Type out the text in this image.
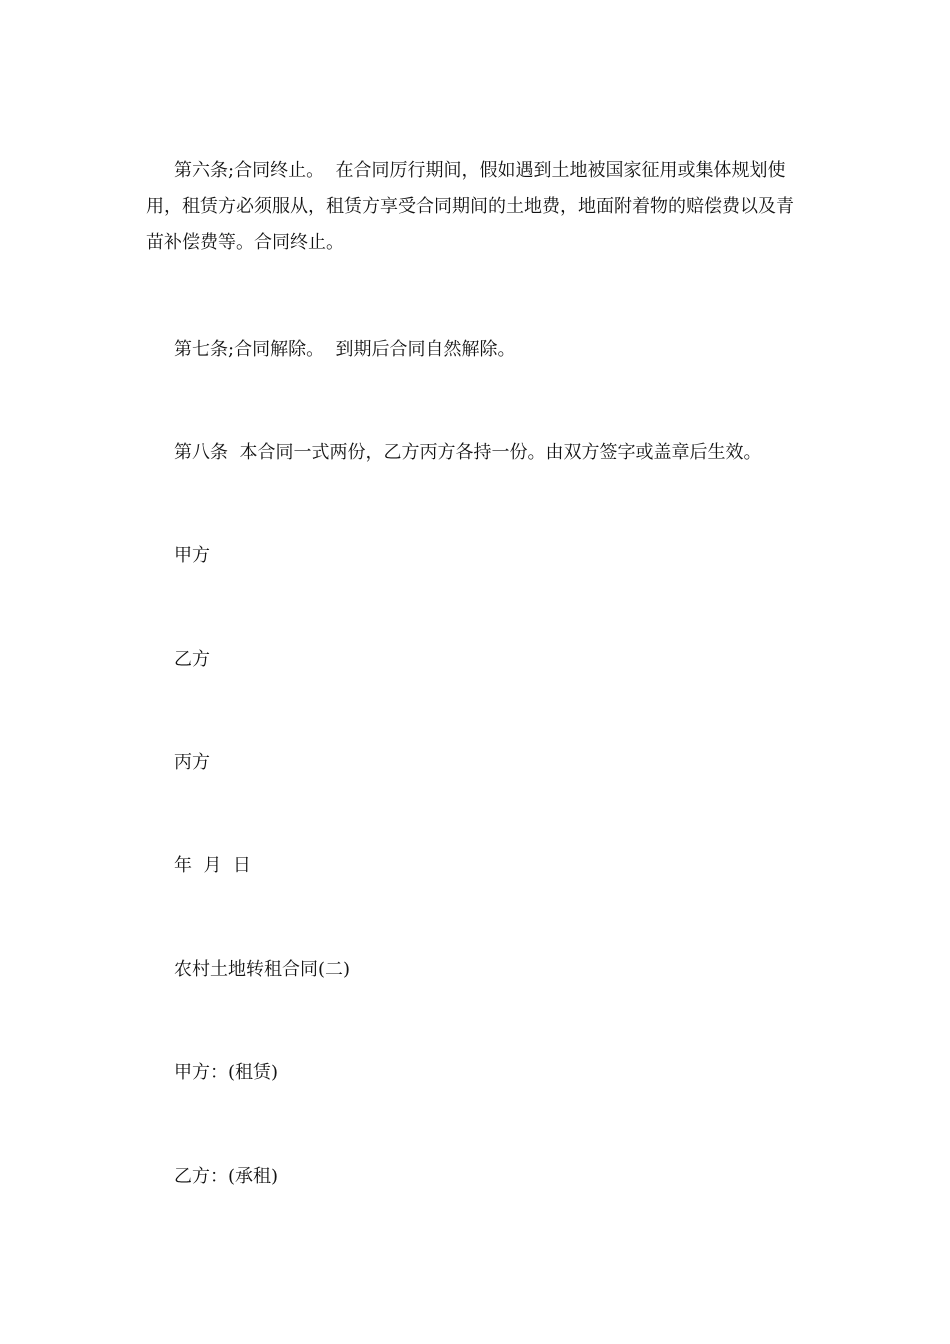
第六条;合同终止。  在合同厉行期间，假如遇到土地被国家征用或集体规划使用，租赁方必须服从，租赁方享受合同期间的土地费，地面附着物的赔偿费以及青苗补偿费等。合同终止。

第七条;合同解除。  到期后合同自然解除。

第八条  本合同一式两份，乙方丙方各持一份。由双方签字或盖章后生效。

甲方

乙方

丙方

年  月  日

农村土地转租合同(二)

甲方：(租赁)

乙方：(承租)
